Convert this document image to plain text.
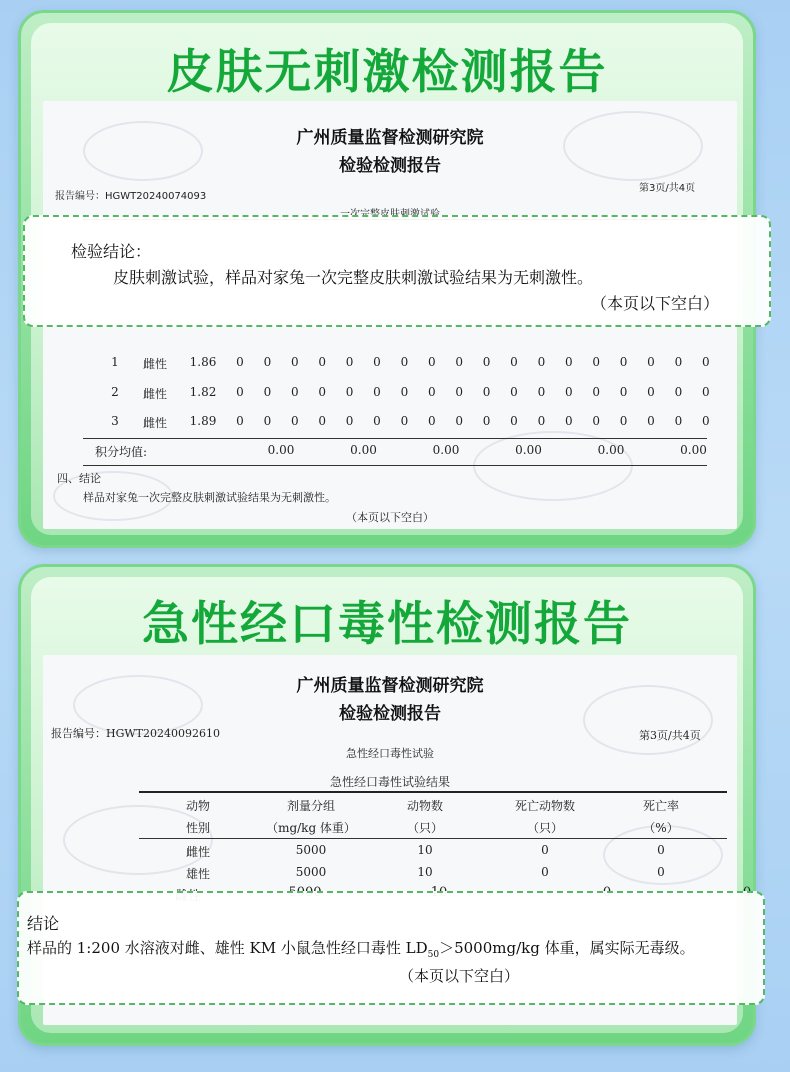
皮肤无刺激检测报告
广州质量监督检测研究院
检验检测报告
报告编号：HGWT20240074093
第3页/共4页
1	雌性	1.86	0 0 0 0 0 0 0 0 0 0 0 0 0 0 0 0 0 0
2	雌性	1.82	0 0 0 0 0 0 0 0 0 0 0 0 0 0 0 0 0 0
3	雌性	1.89	0 0 0 0 0 0 0 0 0 0 0 0 0 0 0 0 0 0
积分均值:	0.00	0.00	0.00	0.00	0.00	0.00
四、结论
样品对家兔一次完整皮肤刺激试验结果为无刺激性。
（本页以下空白）
检验结论：
皮肤刺激试验，样品对家兔一次完整皮肤刺激试验结果为无刺激性。
（本页以下空白）
急性经口毒性检测报告
广州质量监督检测研究院
检验检测报告
报告编号：HGWT20240092610	第3页/共4页
急性经口毒性试验
急性经口毒性试验结果
动物	剂量分组	动物数	死亡动物数	死亡率
性别	（mg/kg 体重）	（只）	（只）	（%）
雌性	5000	10	0	0
雄性	5000	10	0	0
结论
样品的 1:200 水溶液对雌、雄性 KM 小鼠急性经口毒性 $LD_{50}>5000mg/kg$ 体重，属实际无毒级。
（本页以下空白）
